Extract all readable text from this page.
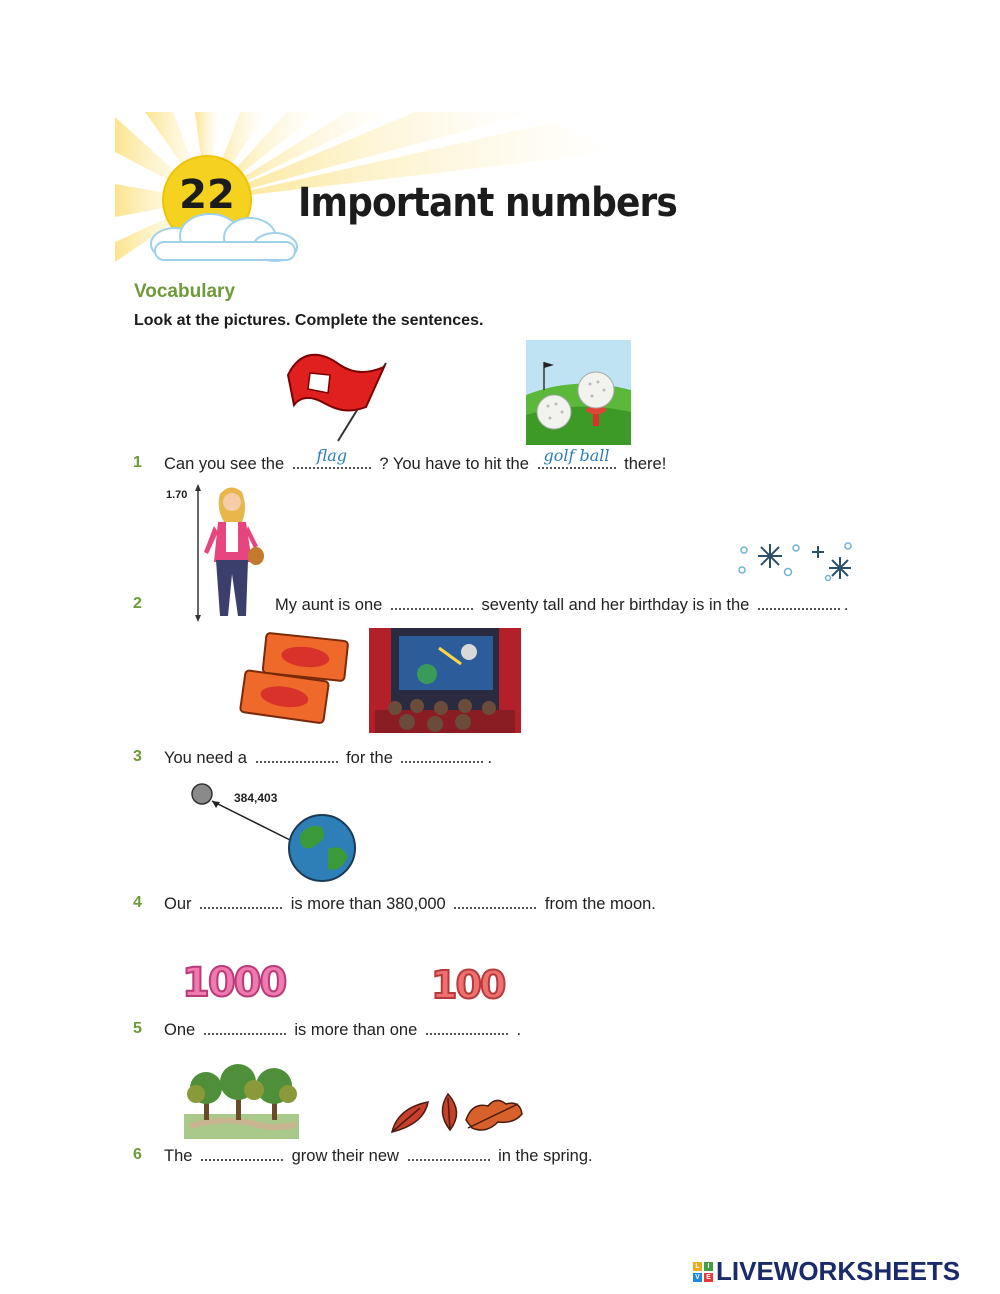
22 Important numbers
Vocabulary
Look at the pictures. Complete the sentences.
1 Can you see the	flag	? You have to hit the golf ball there!
1.70
2	My aunt is one	seventy tall and her birthday is in the	.
3 You need a	for the	.
384,403
4 Our	is more than 380,000	from the moon.
1000	100
5 One	is more than one	.
6 The	grow their new	in the spring.
L	I
V E LIVEWORKSHEETS
